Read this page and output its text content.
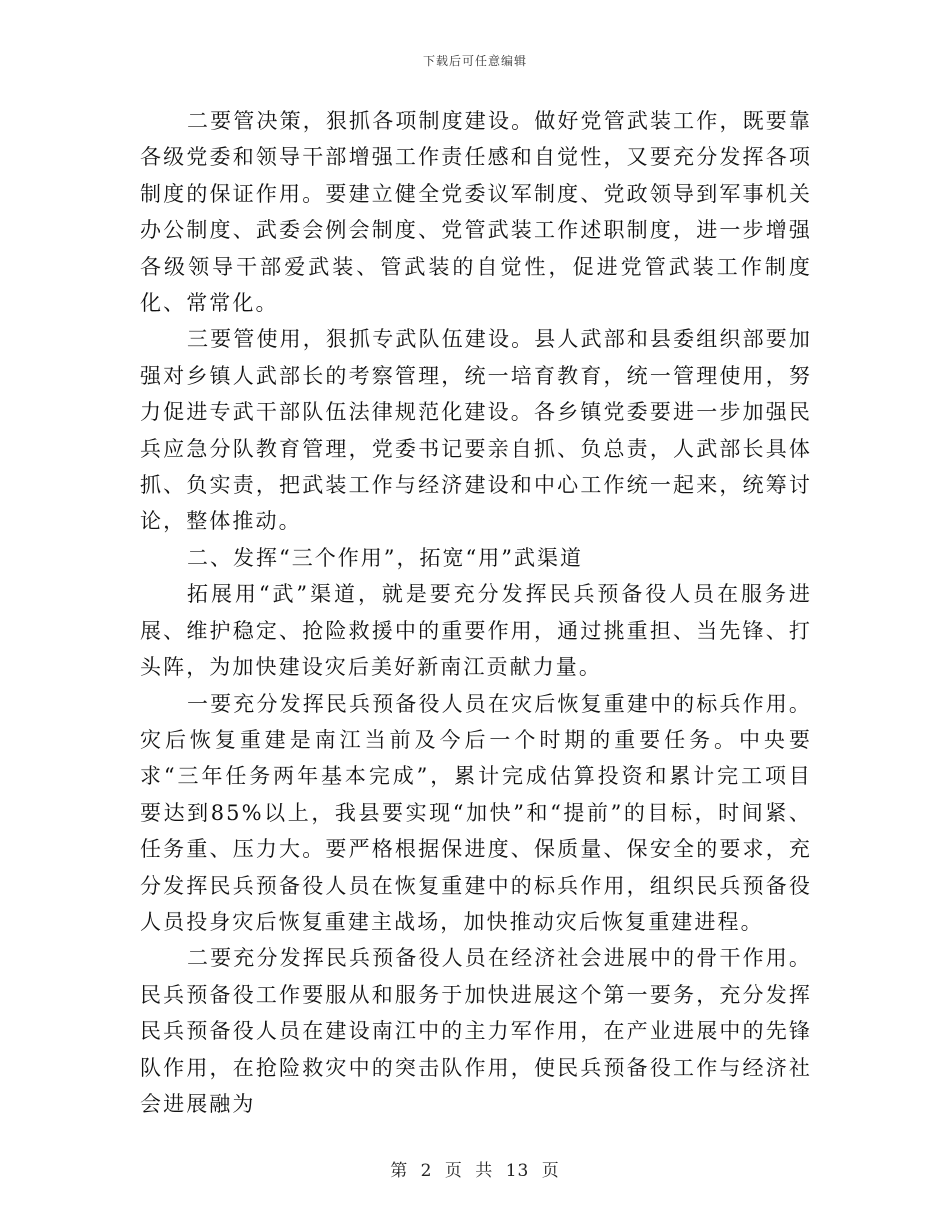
下载后可任意编辑

二要管决策，狠抓各项制度建设。做好党管武装工作，既要靠各级党委和领导干部增强工作责任感和自觉性，又要充分发挥各项制度的保证作用。要建立健全党委议军制度、党政领导到军事机关办公制度、武委会例会制度、党管武装工作述职制度，进一步增强各级领导干部爱武装、管武装的自觉性，促进党管武装工作制度化、常常化。

三要管使用，狠抓专武队伍建设。县人武部和县委组织部要加强对乡镇人武部长的考察管理，统一培育教育，统一管理使用，努力促进专武干部队伍法律规范化建设。各乡镇党委要进一步加强民兵应急分队教育管理，党委书记要亲自抓、负总责，人武部长具体抓、负实责，把武装工作与经济建设和中心工作统一起来，统筹讨论，整体推动。

二、发挥“三个作用”，拓宽“用”武渠道

拓展用“武”渠道，就是要充分发挥民兵预备役人员在服务进展、维护稳定、抢险救援中的重要作用，通过挑重担、当先锋、打头阵，为加快建设灾后美好新南江贡献力量。

一要充分发挥民兵预备役人员在灾后恢复重建中的标兵作用。灾后恢复重建是南江当前及今后一个时期的重要任务。中央要求“三年任务两年基本完成”，累计完成估算投资和累计完工项目要达到85%以上，我县要实现“加快”和“提前”的目标，时间紧、任务重、压力大。要严格根据保进度、保质量、保安全的要求，充分发挥民兵预备役人员在恢复重建中的标兵作用，组织民兵预备役人员投身灾后恢复重建主战场，加快推动灾后恢复重建进程。

二要充分发挥民兵预备役人员在经济社会进展中的骨干作用。民兵预备役工作要服从和服务于加快进展这个第一要务，充分发挥民兵预备役人员在建设南江中的主力军作用，在产业进展中的先锋队作用，在抢险救灾中的突击队作用，使民兵预备役工作与经济社会进展融为

第 2 页 共 13 页
